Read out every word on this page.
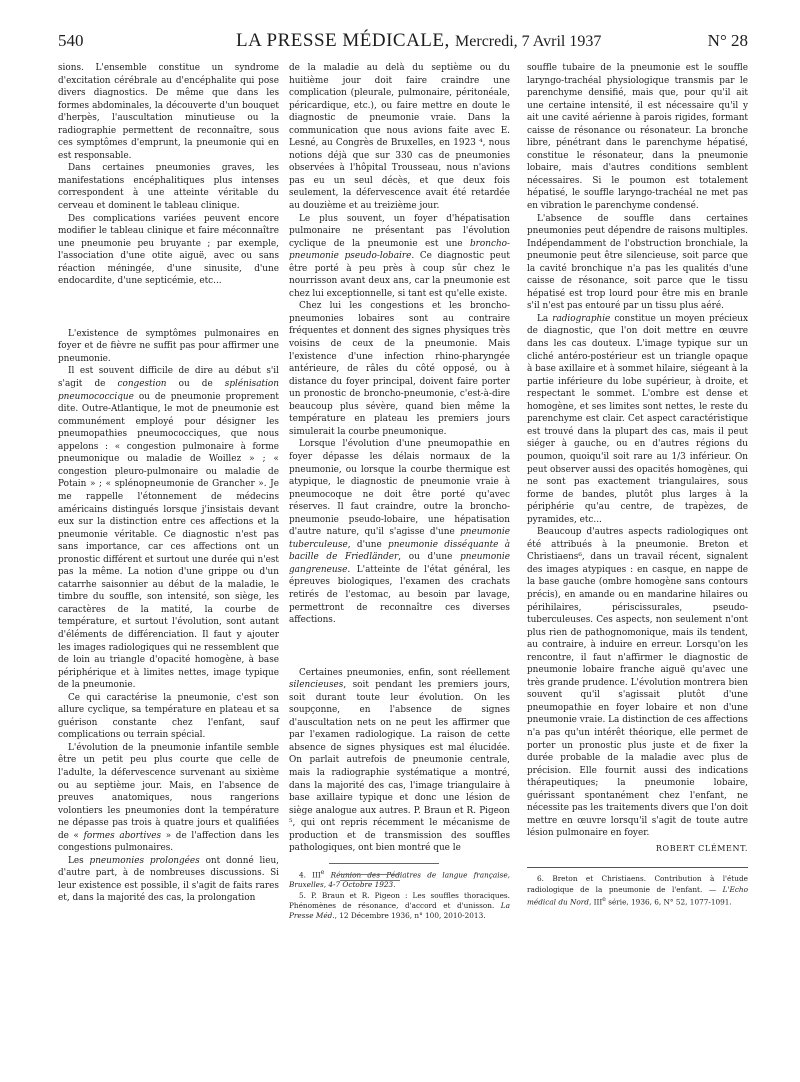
540	LA PRESSE MÉDICALE, Mercredi, 7 Avril 1937	N° 28

sions. L'ensemble constitue un syndrome d'excitation cérébrale au d'encéphalite qui pose divers diagnostics. De même que dans les formes abdominales, la découverte d'un bouquet d'herpès, l'auscultation minutieuse ou la radiographie permettent de reconnaître, sous ces symptômes d'emprunt, la pneumonie qui en est responsable.

Dans certaines pneumonies graves, les manifestations encéphalitiques plus intenses correspondent à une atteinte véritable du cerveau et dominent le tableau clinique.

Des complications variées peuvent encore modifier le tableau clinique et faire méconnaître une pneumonie peu bruyante ; par exemple, l'association d'une otite aiguë, avec ou sans réaction méningée, d'une sinusite, d'une endocardite, d'une septicémie, etc...

L'existence de symptômes pulmonaires en foyer et de fièvre ne suffit pas pour affirmer une pneumonie.

Il est souvent difficile de dire au début s'il s'agit de congestion ou de splénisation pneumococcique ou de pneumonie proprement dite. Outre-Atlantique, le mot de pneumonie est communément employé pour désigner les pneumopathies pneumococciques, que nous appelons : « congestion pulmonaire à forme pneumonique ou maladie de Woillez » ; « congestion pleuro-pulmonaire ou maladie de Potain » ; « splénopneumonie de Grancher ». Je me rappelle l'étonnement de médecins américains distingués lorsque j'insistais devant eux sur la distinction entre ces affections et la pneumonie véritable. Ce diagnostic n'est pas sans importance, car ces affections ont un pronostic différent et surtout une durée qui n'est pas la même. La notion d'une grippe ou d'un catarrhe saisonnier au début de la maladie, le timbre du souffle, son intensité, son siège, les caractères de la matité, la courbe de température, et surtout l'évolution, sont autant d'éléments de différenciation. Il faut y ajouter les images radiologiques qui ne ressemblent que de loin au triangle d'opacité homogène, à base périphérique et à limites nettes, image typique de la pneumonie.

Ce qui caractérise la pneumonie, c'est son allure cyclique, sa température en plateau et sa guérison constante chez l'enfant, sauf complications ou terrain spécial.

L'évolution de la pneumonie infantile semble être un petit peu plus courte que celle de l'adulte, la défervescence survenant au sixième ou au septième jour. Mais, en l'absence de preuves anatomiques, nous rangerions volontiers les pneumonies dont la température ne dépasse pas trois à quatre jours et qualifiées de « formes abortives » de l'affection dans les congestions pulmonaires.

Les pneumonies prolongées ont donné lieu, d'autre part, à de nombreuses discussions. Si leur existence est possible, il s'agit de faits rares et, dans la majorité des cas, la prolongation

de la maladie au delà du septième ou du huitième jour doit faire craindre une complication (pleurale, pulmonaire, péritonéale, péricardique, etc.), ou faire mettre en doute le diagnostic de pneumonie vraie. Dans la communication que nous avions faite avec E. Lesné, au Congrès de Bruxelles, en 1923 ⁴, nous notions déjà que sur 330 cas de pneumonies observées à l'hôpital Trousseau, nous n'avions pas eu un seul décès, et que deux fois seulement, la défervescence avait été retardée au douzième et au treizième jour.

Le plus souvent, un foyer d'hépatisation pulmonaire ne présentant pas l'évolution cyclique de la pneumonie est une broncho-pneumonie pseudo-lobaire. Ce diagnostic peut être porté à peu près à coup sûr chez le nourrisson avant deux ans, car la pneumonie est chez lui exceptionnelle, si tant est qu'elle existe.

Chez lui les congestions et les broncho-pneumonies lobaires sont au contraire fréquentes et donnent des signes physiques très voisins de ceux de la pneumonie. Mais l'existence d'une infection rhino-pharyngée antérieure, de râles du côté opposé, ou à distance du foyer principal, doivent faire porter un pronostic de broncho-pneumonie, c'est-à-dire beaucoup plus sévère, quand bien même la température en plateau les premiers jours simulerait la courbe pneumonique.

Lorsque l'évolution d'une pneumopathie en foyer dépasse les délais normaux de la pneumonie, ou lorsque la courbe thermique est atypique, le diagnostic de pneumonie vraie à pneumocoque ne doit être porté qu'avec réserves. Il faut craindre, outre la broncho-pneumonie pseudo-lobaire, une hépatisation d'autre nature, qu'il s'agisse d'une pneumonie tuberculeuse, d'une pneumonie disséquante à bacille de Friedländer, ou d'une pneumonie gangreneuse. L'atteinte de l'état général, les épreuves biologiques, l'examen des crachats retirés de l'estomac, au besoin par lavage, permettront de reconnaître ces diverses affections.

Certaines pneumonies, enfin, sont réellement silencieuses, soit pendant les premiers jours, soit durant toute leur évolution. On les soupçonne, en l'absence de signes d'auscultation nets on ne peut les affirmer que par l'examen radiologique. La raison de cette absence de signes physiques est mal élucidée. On parlait autrefois de pneumonie centrale, mais la radiographie systématique a montré, dans la majorité des cas, l'image triangulaire à base axillaire typique et donc une lésion de siège analogue aux autres. P. Braun et R. Pigeon ⁵, qui ont repris récemment le mécanisme de production et de transmission des souffles pathologiques, ont bien montré que le

4. IIIe Réunion des Pédiatres de langue française, Bruxelles, 4-7 Octobre 1923.

5. P. Braun et R. Pigeon : Les souffles thoraciques. Phénomènes de résonance, d'accord et d'unisson. La Presse Méd., 12 Décembre 1936, n° 100, 2010-2013.

souffle tubaire de la pneumonie est le souffle laryngo-trachéal physiologique transmis par le parenchyme densifié, mais que, pour qu'il ait une certaine intensité, il est nécessaire qu'il y ait une cavité aérienne à parois rigides, formant caisse de résonance ou résonateur. La bronche libre, pénétrant dans le parenchyme hépatisé, constitue le résonateur, dans la pneumonie lobaire, mais d'autres conditions semblent nécessaires. Si le poumon est totalement hépatisé, le souffle laryngo-trachéal ne met pas en vibration le parenchyme condensé.

L'absence de souffle dans certaines pneumonies peut dépendre de raisons multiples. Indépendamment de l'obstruction bronchiale, la pneumonie peut être silencieuse, soit parce que la cavité bronchique n'a pas les qualités d'une caisse de résonance, soit parce que le tissu hépatisé est trop lourd pour être mis en branle s'il n'est pas entouré par un tissu plus aéré.

La radiographie constitue un moyen précieux de diagnostic, que l'on doit mettre en œuvre dans les cas douteux. L'image typique sur un cliché antéro-postérieur est un triangle opaque à base axillaire et à sommet hilaire, siégeant à la partie inférieure du lobe supérieur, à droite, et respectant le sommet. L'ombre est dense et homogène, et ses limites sont nettes, le reste du parenchyme est clair. Cet aspect caractéristique est trouvé dans la plupart des cas, mais il peut siéger à gauche, ou en d'autres régions du poumon, quoiqu'il soit rare au 1/3 inférieur. On peut observer aussi des opacités homogènes, qui ne sont pas exactement triangulaires, sous forme de bandes, plutôt plus larges à la périphérie qu'au centre, de trapèzes, de pyramides, etc...

Beaucoup d'autres aspects radiologiques ont été attribués à la pneumonie. Breton et Christiaens⁶, dans un travail récent, signalent des images atypiques : en casque, en nappe de la base gauche (ombre homogène sans contours précis), en amande ou en mandarine hilaires ou périhilaires, périscissurales, pseudo-tuberculeuses. Ces aspects, non seulement n'ont plus rien de pathognomonique, mais ils tendent, au contraire, à induire en erreur. Lorsqu'on les rencontre, il faut n'affirmer le diagnostic de pneumonie lobaire franche aiguë qu'avec une très grande prudence. L'évolution montrera bien souvent qu'il s'agissait plutôt d'une pneumopathie en foyer lobaire et non d'une pneumonie vraie. La distinction de ces affections n'a pas qu'un intérêt théorique, elle permet de porter un pronostic plus juste et de fixer la durée probable de la maladie avec plus de précision. Elle fournit aussi des indications thérapeutiques; la pneumonie lobaire, guérissant spontanément chez l'enfant, ne nécessite pas les traitements divers que l'on doit mettre en œuvre lorsqu'il s'agit de toute autre lésion pulmonaire en foyer.

ROBERT CLÉMENT.

6. Breton et Christiaens. Contribution à l'étude radiologique de la pneumonie de l'enfant. — L'Echo médical du Nord, IIIe série, 1936, 6, N° 52, 1077-1091.
